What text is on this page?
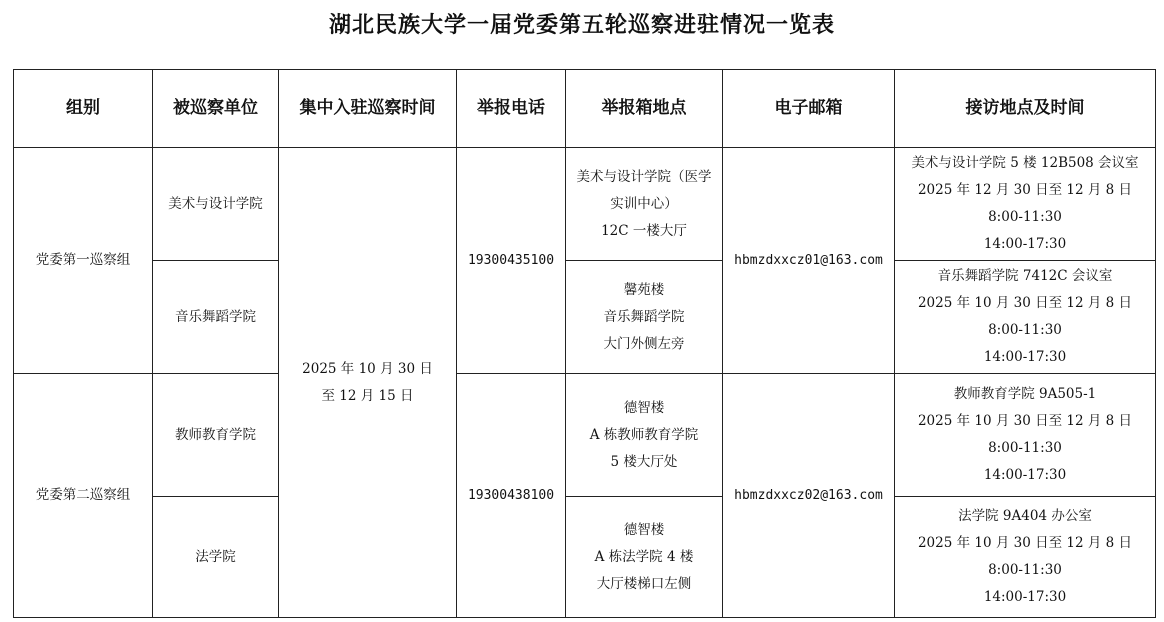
湖北民族大学一届党委第五轮巡察进驻情况一览表
组别	被巡察单位	集中入驻巡察时间	举报电话	举报箱地点	电子邮箱	接访地点及时间

党委第一巡察组	美术与设计学院	2025 年 10 月 30 日
至 12 月 15 日	19300435100	美术与设计学院（医学实训中心）
12C 一楼大厅	hbmzdxxcz01@163.com	美术与设计学院 5 楼 12B508 会议室
2025 年 12 月 30 日至 12 月 8 日
8:00-11:30
14:00-17:30

	音乐舞蹈学院			馨苑楼
音乐舞蹈学院
大门外侧左旁		音乐舞蹈学院 7412C 会议室
2025 年 10 月 30 日至 12 月 8 日
8:00-11:30
14:00-17:30

党委第二巡察组	教师教育学院		19300438100	德智楼
A 栋教师教育学院
5 楼大厅处	hbmzdxxcz02@163.com	教师教育学院 9A505-1
2025 年 10 月 30 日至 12 月 8 日
8:00-11:30
14:00-17:30

	法学院			德智楼
A 栋法学院 4 楼
大厅楼梯口左侧		法学院 9A404 办公室
2025 年 10 月 30 日至 12 月 8 日
8:00-11:30
14:00-17:30
